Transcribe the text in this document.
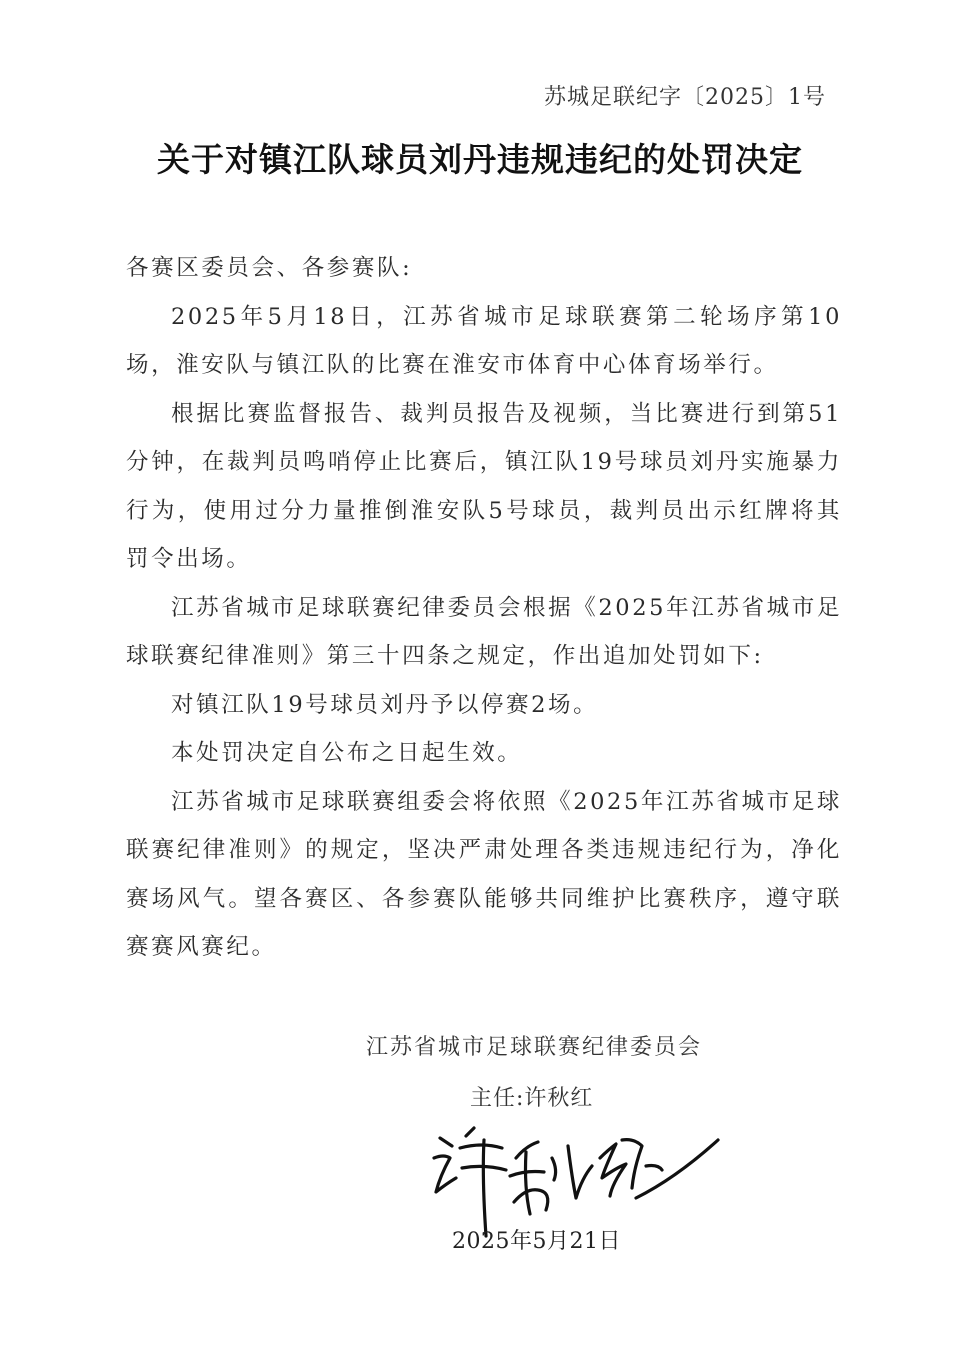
苏城足联纪字〔2025〕1号
关于对镇江队球员刘丹违规违纪的处罚决定

各赛区委员会、各参赛队:

2025年5月18日，江苏省城市足球联赛第二轮场序第10场，淮安队与镇江队的比赛在淮安市体育中心体育场举行。

根据比赛监督报告、裁判员报告及视频，当比赛进行到第51分钟，在裁判员鸣哨停止比赛后，镇江队19号球员刘丹实施暴力行为，使用过分力量推倒淮安队5号球员，裁判员出示红牌将其罚令出场。

江苏省城市足球联赛纪律委员会根据《2025年江苏省城市足球联赛纪律准则》第三十四条之规定，作出追加处罚如下:

对镇江队19号球员刘丹予以停赛2场。

本处罚决定自公布之日起生效。

江苏省城市足球联赛组委会将依照《2025年江苏省城市足球联赛纪律准则》的规定，坚决严肃处理各类违规违纪行为，净化赛场风气。望各赛区、各参赛队能够共同维护比赛秩序，遵守联赛赛风赛纪。

江苏省城市足球联赛纪律委员会
主任:许秋红
2025年5月21日
